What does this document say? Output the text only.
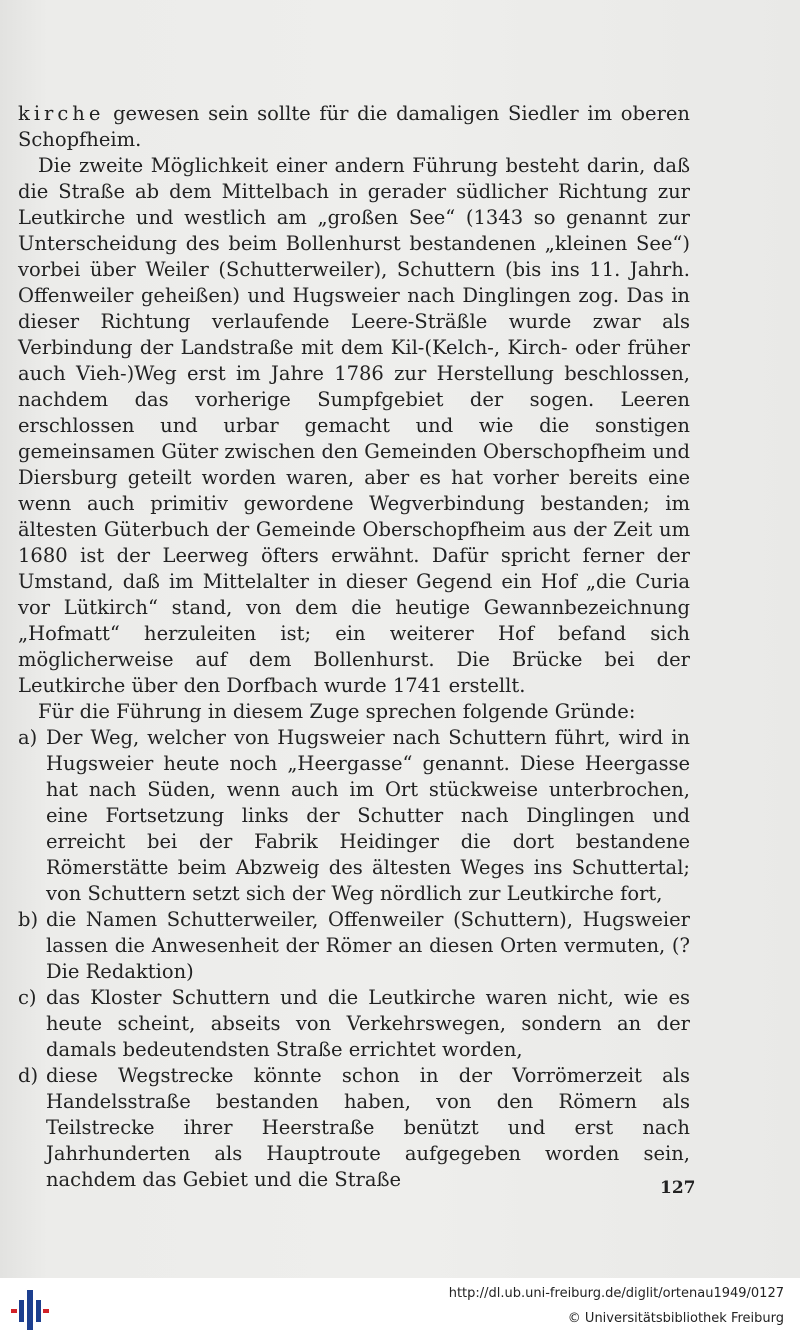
kirche gewesen sein sollte für die damaligen Siedler im oberen Schopfheim.

Die zweite Möglichkeit einer andern Führung besteht darin, daß die Straße ab dem Mittelbach in gerader südlicher Richtung zur Leutkirche und westlich am „großen See“ (1343 so genannt zur Unterscheidung des beim Bollenhurst bestandenen „kleinen See“) vorbei über Weiler (Schutterweiler), Schuttern (bis ins 11. Jahrh. Offenweiler geheißen) und Hugsweier nach Dinglingen zog. Das in dieser Richtung verlaufende Leere-Sträßle wurde zwar als Verbindung der Landstraße mit dem Kil-(Kelch-, Kirch- oder früher auch Vieh-)Weg erst im Jahre 1786 zur Herstellung beschlossen, nachdem das vorherige Sumpfgebiet der sogen. Leeren erschlossen und urbar gemacht und wie die sonstigen gemeinsamen Güter zwischen den Gemeinden Oberschopfheim und Diersburg geteilt worden waren, aber es hat vorher bereits eine wenn auch primitiv gewordene Wegverbindung bestanden; im ältesten Güterbuch der Gemeinde Oberschopfheim aus der Zeit um 1680 ist der Leerweg öfters erwähnt. Dafür spricht ferner der Umstand, daß im Mittelalter in dieser Gegend ein Hof „die Curia vor Lütkirch“ stand, von dem die heutige Gewannbezeichnung „Hofmatt“ herzuleiten ist; ein weiterer Hof befand sich möglicherweise auf dem Bollenhurst. Die Brücke bei der Leutkirche über den Dorfbach wurde 1741 erstellt.

Für die Führung in diesem Zuge sprechen folgende Gründe:

a) Der Weg, welcher von Hugsweier nach Schuttern führt, wird in Hugsweier heute noch „Heergasse“ genannt. Diese Heergasse hat nach Süden, wenn auch im Ort stückweise unterbrochen, eine Fortsetzung links der Schutter nach Dinglingen und erreicht bei der Fabrik Heidinger die dort bestandene Römerstätte beim Abzweig des ältesten Weges ins Schuttertal; von Schuttern setzt sich der Weg nördlich zur Leutkirche fort,
b) die Namen Schutterweiler, Offenweiler (Schuttern), Hugsweier lassen die Anwesenheit der Römer an diesen Orten vermuten, (? Die Redaktion)
c) das Kloster Schuttern und die Leutkirche waren nicht, wie es heute scheint, abseits von Verkehrswegen, sondern an der damals bedeutendsten Straße errichtet worden,
d) diese Wegstrecke könnte schon in der Vorrömerzeit als Handelsstraße bestanden haben, von den Römern als Teilstrecke ihrer Heerstraße benützt und erst nach Jahrhunderten als Hauptroute aufgegeben worden sein, nachdem das Gebiet und die Straße	127
http://dl.ub.uni-freiburg.de/diglit/ortenau1949/0127
© Universitätsbibliothek Freiburg
